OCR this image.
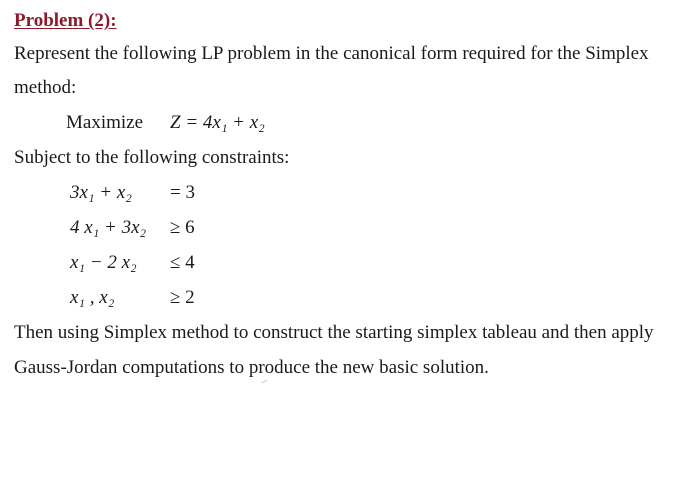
Problem (2):
Represent the following LP problem in the canonical form required for the Simplex
method:
Maximize Z = 4x₁ + x₂
Subject to the following constraints:
3x₁ + x₂ = 3
4 x₁ + 3x₂ ≥ 6
x₁ − 2 x₂ ≤ 4
x₁ , x₂	≥ 2
Then using Simplex method to construct the starting simplex tableau and then apply
Gauss-Jordan computations to produce the new basic solution.
